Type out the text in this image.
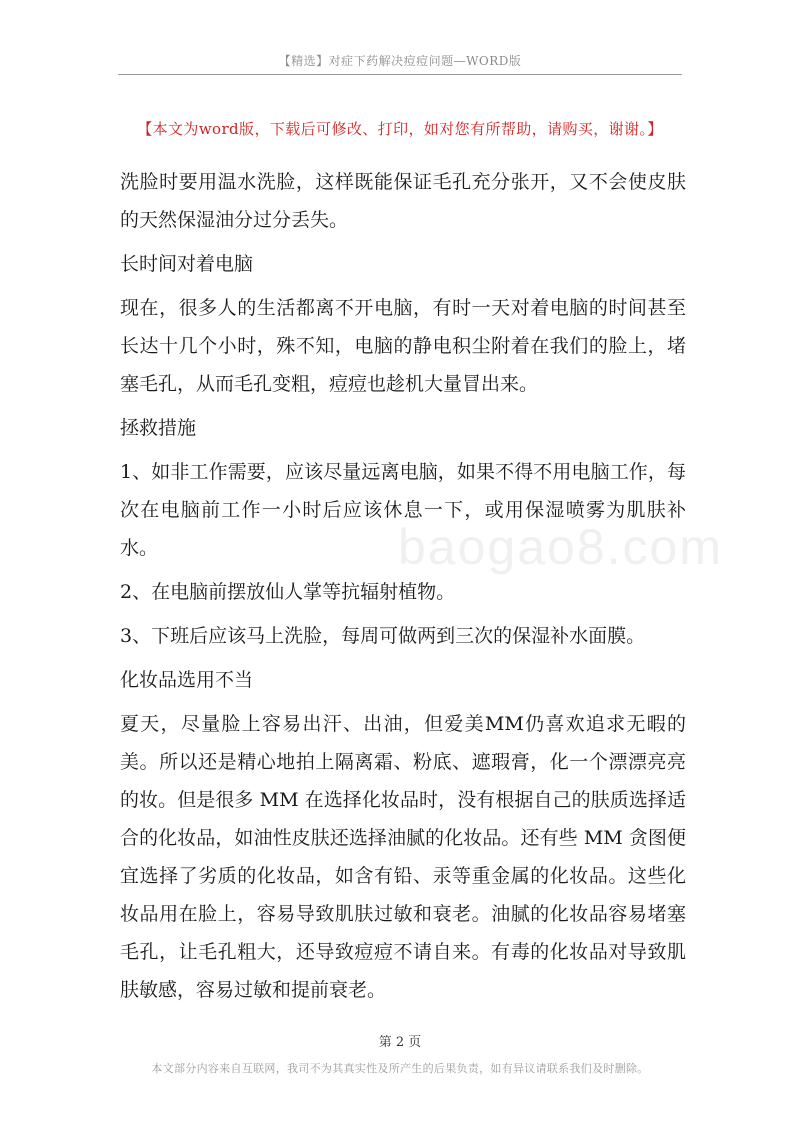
【精选】对症下药解决痘痘问题—WORD版
【本文为word版，下载后可修改、打印，如对您有所帮助，请购买，谢谢。】

洗脸时要用温水洗脸，这样既能保证毛孔充分张开，又不会使皮肤的天然保湿油分过分丢失。

长时间对着电脑

现在，很多人的生活都离不开电脑，有时一天对着电脑的时间甚至长达十几个小时，殊不知，电脑的静电积尘附着在我们的脸上，堵塞毛孔，从而毛孔变粗，痘痘也趁机大量冒出来。

拯救措施

1、如非工作需要，应该尽量远离电脑，如果不得不用电脑工作，每次在电脑前工作一小时后应该休息一下，或用保湿喷雾为肌肤补水。

2、在电脑前摆放仙人掌等抗辐射植物。

3、下班后应该马上洗脸，每周可做两到三次的保湿补水面膜。

化妆品选用不当

夏天，尽量脸上容易出汗、出油，但爱美MM仍喜欢追求无暇的美。所以还是精心地拍上隔离霜、粉底、遮瑕膏，化一个漂漂亮亮的妆。但是很多 MM 在选择化妆品时，没有根据自己的肤质选择适合的化妆品，如油性皮肤还选择油腻的化妆品。还有些 MM 贪图便宜选择了劣质的化妆品，如含有铅、汞等重金属的化妆品。这些化妆品用在脸上，容易导致肌肤过敏和衰老。油腻的化妆品容易堵塞毛孔，让毛孔粗大，还导致痘痘不请自来。有毒的化妆品对导致肌肤敏感，容易过敏和提前衰老。

baogao8.com
第 2 页
本文部分内容来自互联网，我司不为其真实性及所产生的后果负责，如有异议请联系我们及时删除。
